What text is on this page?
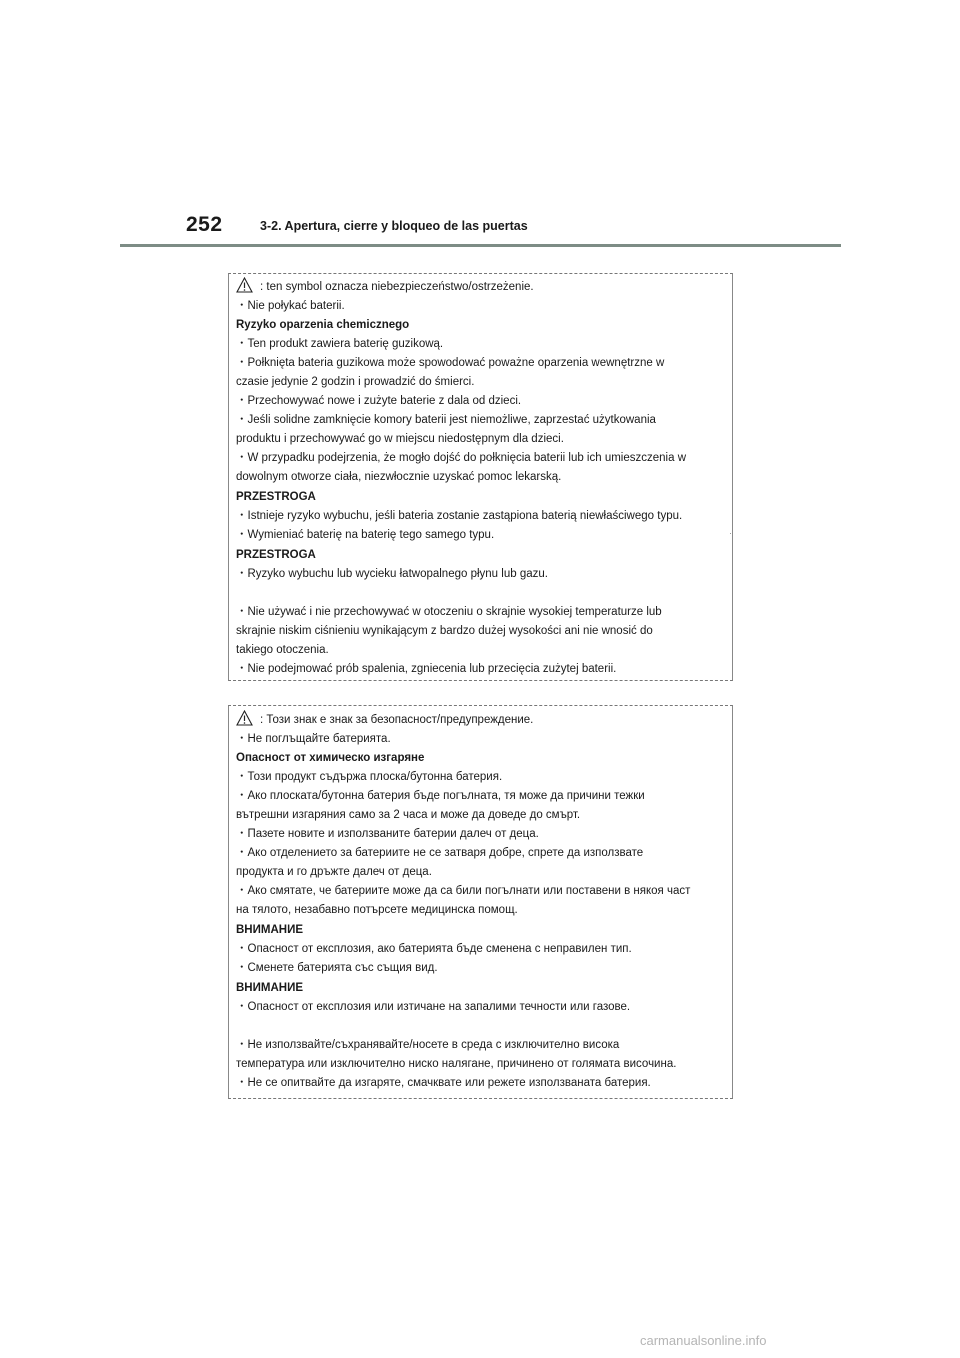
252	3-2. Apertura, cierre y bloqueo de las puertas
: ten symbol oznacza niebezpieczeństwo/ostrzeżenie.
・Nie połykać baterii.
Ryzyko oparzenia chemicznego
・Ten produkt zawiera baterię guzikową.
・Połknięta bateria guzikowa może spowodować poważne oparzenia wewnętrzne w
czasie jedynie 2 godzin i prowadzić do śmierci.
・Przechowywać nowe i zużyte baterie z dala od dzieci.
・Jeśli solidne zamknięcie komory baterii jest niemożliwe, zaprzestać użytkowania
produktu i przechowywać go w miejscu niedostępnym dla dzieci.
・W przypadku podejrzenia, że mogło dojść do połknięcia baterii lub ich umieszczenia w
dowolnym otworze ciała, niezwłocznie uzyskać pomoc lekarską.
PRZESTROGA
・Istnieje ryzyko wybuchu, jeśli bateria zostanie zastąpiona baterią niewłaściwego typu.
・Wymieniać baterię na baterię tego samego typu.
PRZESTROGA
・Ryzyko wybuchu lub wycieku łatwopalnego płynu lub gazu.
・Nie używać i nie przechowywać w otoczeniu o skrajnie wysokiej temperaturze lub
skrajnie niskim ciśnieniu wynikającym z bardzo dużej wysokości ani nie wnosić do
takiego otoczenia.
・Nie podejmować prób spalenia, zgniecenia lub przecięcia zużytej baterii.
: Този знак е знак за безопасност/предупреждение.
・Не поглъщайте батерията.
Опасност от химическо изгаряне
・Този продукт съдържа плоска/бутонна батерия.
・Ако плоската/бутонна батерия бъде погълната, тя може да причини тежки
вътрешни изгаряния само за 2 часа и може да доведе до смърт.
・Пазете новите и използваните батерии далеч от деца.
・Ако отделението за батериите не се затваря добре, спрете да използвате
продукта и го дръжте далеч от деца.
・Ако смятате, че батериите може да са били погълнати или поставени в някоя част
на тялото, незабавно потърсете медицинска помощ.
ВНИМАНИЕ
・Опасност от експлозия, ако батерията бъде сменена с неправилен тип.
・Сменете батерията със същия вид.
ВНИМАНИЕ
・Опасност от експлозия или изтичане на запалими течности или газове.
・Не използвайте/съхранявайте/носете в среда с изключително висока
температура или изключително ниско налягане, причинено от голямата височина.
・Не се опитвайте да изгаряте, смачквате или режете използваната батерия.
carmanualsonline.info
